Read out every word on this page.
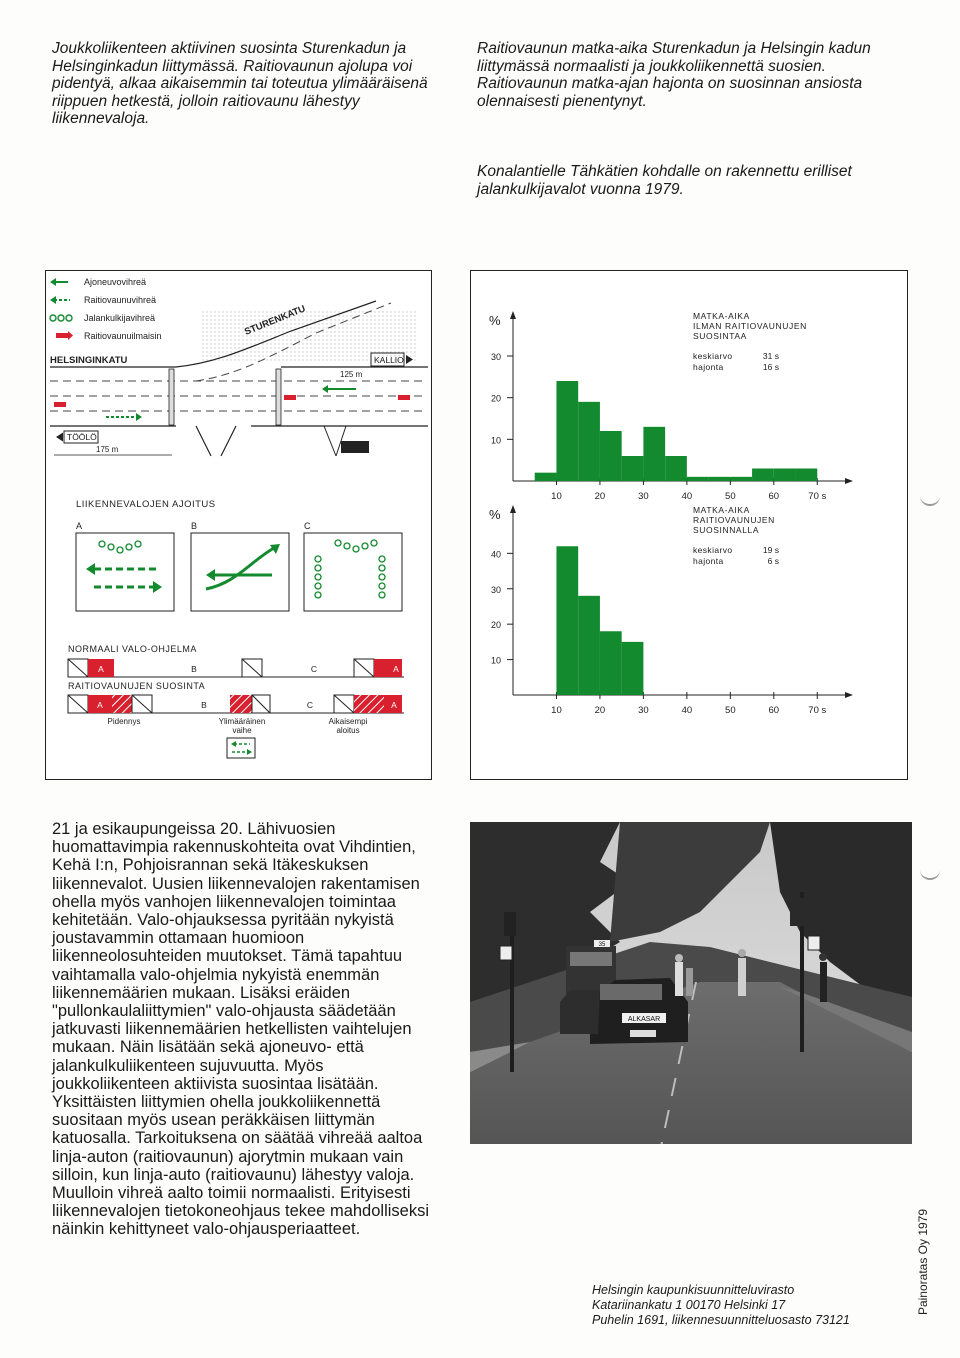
Joukkoliikenteen aktiivinen suosinta Sturenkadun ja Helsinginkadun liittymässä. Raitiovaunun ajolupa voi pidentyä, alkaa aikaisemmin tai toteutua ylimääräisenä riippuen hetkestä, jolloin raitiovaunu lähestyy liikennevaloja.

Raitiovaunun matka-aika Sturenkadun ja Helsingin kadun liittymässä normaalisti ja joukkoliikennettä suosien. Raitiovaunun matka-ajan hajonta on suosinnan ansiosta olennaisesti pienentynyt.

Konalantielle Tähkätien kohdalle on rakennettu erilliset jalankulkijavalot vuonna 1979.

Ajoneuvovihreä
Raitiovaunuvihreä
Jalankulkijavihreä
Raitiovaunuilmaisin
HELSINGINKATU
STURENKATU
KALLIO
TÖÖLÖ
125 m
175 m
LIIKENNEVALOJEN AJOITUS
A	B	C
NORMAALI VALO-OHJELMA
A	B	C	A
RAITIOVAUNUJEN SUOSINTA
A	B	C	A
Pidennys	Ylimääräinen
vaihe
Aikaisempi
aloitus
%
10
20
30
10	20	30	40	50	60	70 s
MATKA-AIKA
ILMAN RAITIOVAUNUJEN
SUOSINTAA
keskiarvo	31 s
hajonta	16 s
%
10
20
30
40
10	20	30	40	50	60	70 s
MATKA-AIKA
RAITIOVAUNUJEN
SUOSINNALLA
keskiarvo	19 s
hajonta	6 s

21 ja esikaupungeissa 20. Lähivuosien huomattavimpia rakennuskohteita ovat Vihdintien, Kehä I:n, Pohjoisrannan sekä Itäkeskuksen liikennevalot. Uusien liikennevalojen rakentamisen ohella myös vanhojen liikennevalojen toimintaa kehitetään. Valo-ohjauksessa pyritään nykyistä joustavammin ottamaan huomioon liikenneolosuhteiden muutokset. Tämä tapahtuu vaihtamalla valo-ohjelmia nykyistä enemmän liikennemäärien mukaan. Lisäksi eräiden "pullonkaulaliittymien" valo-ohjausta säädetään jatkuvasti liikennemäärien hetkellisten vaihtelujen mukaan. Näin lisätään sekä ajoneuvo- että jalankulkuliikenteen sujuvuutta. Myös joukkoliikenteen aktiivista suosintaa lisätään. Yksittäisten liittymien ohella joukkoliikennettä suositaan myös usean peräkkäisen liittymän katuosalla. Tarkoituksena on säätää vihreää aaltoa linja-auton (raitiovaunun) ajorytmin mukaan vain silloin, kun linja-auto (raitiovaunu) lähestyy valoja. Muulloin vihreä aalto toimii normaalisti. Erityisesti liikennevalojen tietokoneohjaus tekee mahdolliseksi näinkin kehittyneet valo-ohjausperiaatteet.

35
ALKASAR

Helsingin kaupunkisuunnitteluvirasto

Katariinankatu 1 00170 Helsinki 17

Puhelin 1691, liikennesuunnitteluosasto 73121

Painoratas Oy 1979
